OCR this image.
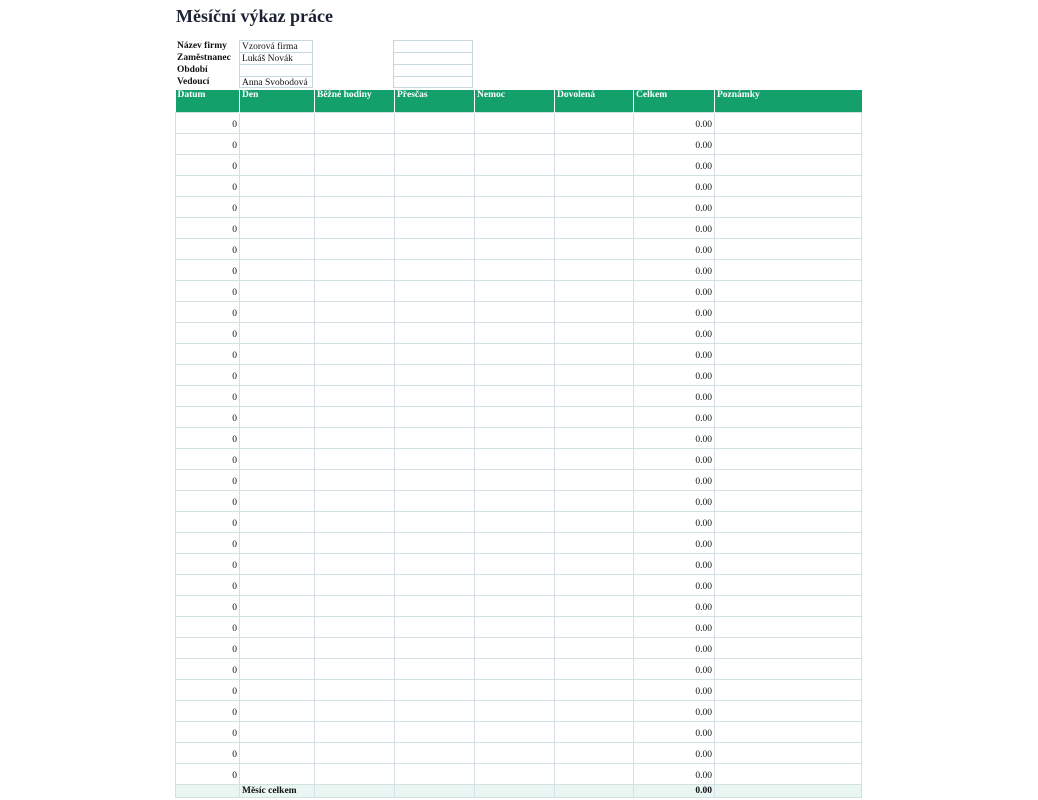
Měsíční výkaz práce
Název firmy	Vzorová firma
Zaměstnanec	Lukáš Novák
Období
Vedoucí	Anna Svobodová
Datum	Den	Běžné hodiny	Přesčas	Nemoc	Dovolená	Celkem	Poznámky
0						0.00	
0						0.00	
0						0.00	
0						0.00	
0						0.00	
0						0.00	
0						0.00	
0						0.00	
0						0.00	
0						0.00	
0						0.00	
0						0.00	
0						0.00	
0						0.00	
0						0.00	
0						0.00	
0						0.00	
0						0.00	
0						0.00	
0						0.00	
0						0.00	
0						0.00	
0						0.00	
0						0.00	
0						0.00	
0						0.00	
0						0.00	
0						0.00	
0						0.00	
0						0.00	
0						0.00	
0						0.00	
	Měsíc celkem					0.00	
